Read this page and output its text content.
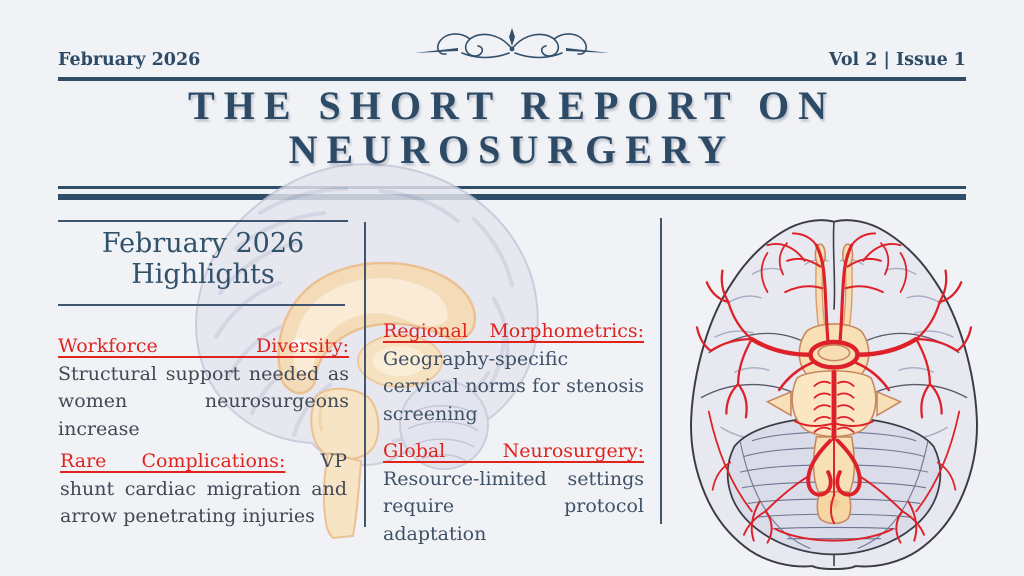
February 2026	Vol 2 | Issue 1
THE SHORT REPORT ON
NEUROSURGERY
February 2026
Highlights

Workforce Diversity: Structural support needed as women neurosurgeons increase

Rare Complications: VP shunt cardiac migration and arrow penetrating injuries

Regional Morphometrics: Geography-specific cervical norms for stenosis screening

Global Neurosurgery: Resource-limited settings require protocol adaptation
